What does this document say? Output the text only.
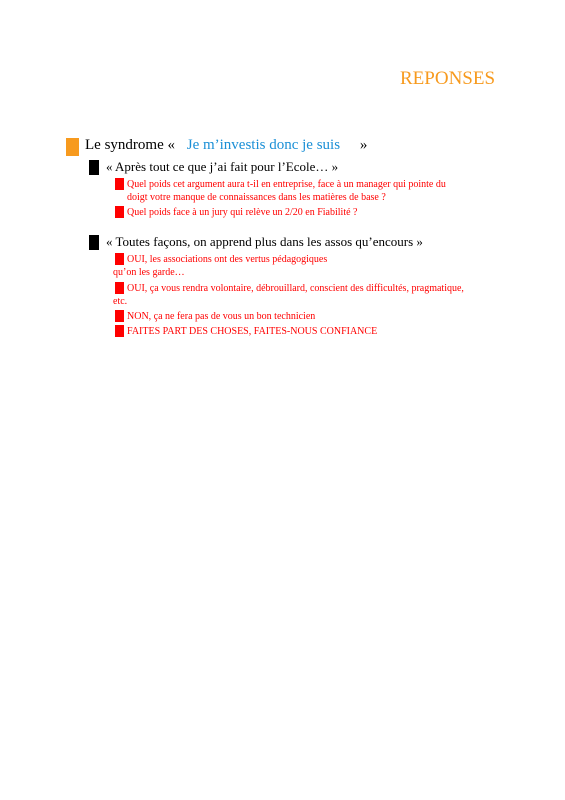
REPONSES
Le syndrome « Je m’investis donc je suis »
« Après tout ce que j’ai fait pour l’Ecole… »
Quel poids cet argument aura t-il en entreprise, face à un manager qui pointe du
doigt votre manque de connaissances dans les matières de base ?
Quel poids face à un jury qui relève un 2/20 en Fiabilité ?
« Toutes façons, on apprend plus dans les assos qu’encours »
OUI, les associations ont des vertus pédagogiques
qu’on les garde…
OUI, ça vous rendra volontaire, débrouillard, conscient des difficultés, pragmatique,
etc.
NON, ça ne fera pas de vous un bon technicien
FAITES PART DES CHOSES, FAITES-NOUS CONFIANCE
